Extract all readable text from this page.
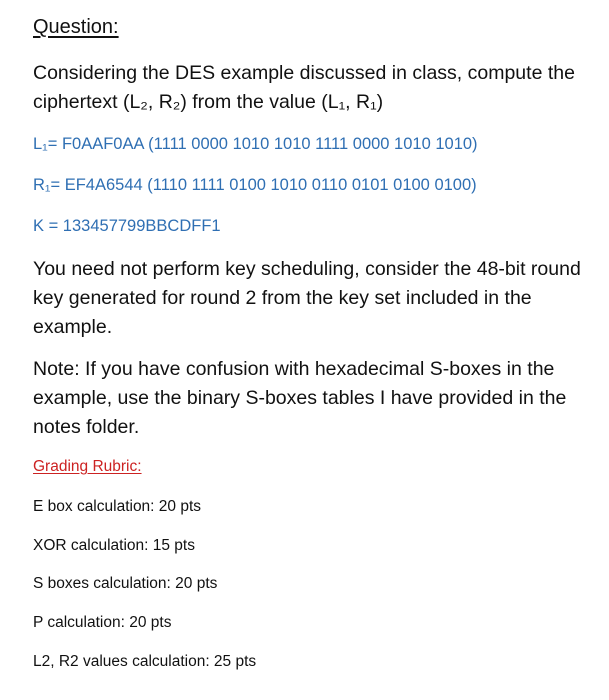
Question:
Considering the DES example discussed in class, compute the ciphertext (L₂, R₂) from the value (L₁, R₁)
L₁= F0AAF0AA (1111 0000 1010 1010 1111 0000 1010 1010)
R₁= EF4A6544 (1110 1111 0100 1010 0110 0101 0100 0100)
K = 133457799BBCDFF1
You need not perform key scheduling, consider the 48-bit round key generated for round 2 from the key set included in the example.
Note: If you have confusion with hexadecimal S-boxes in the example, use the binary S-boxes tables I have provided in the notes folder.
Grading Rubric:
E box calculation: 20 pts
XOR calculation: 15 pts
S boxes calculation: 20 pts
P calculation: 20 pts
L2, R2 values calculation: 25 pts
